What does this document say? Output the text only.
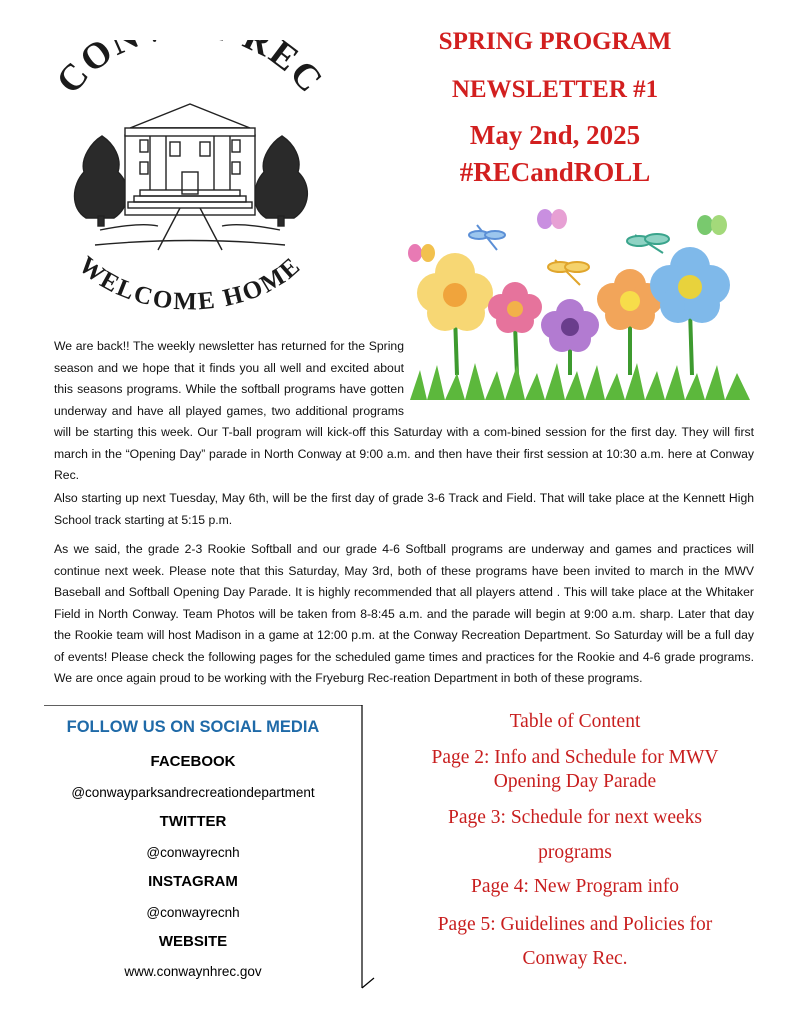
CO REC
WELCOME HOME
SPRING PROGRAM
NEWSLETTER #1
May 2nd, 2025
#RECandROLL

We are back!! The weekly newsletter has returned for the Spring season and we hope that it finds you all well and excited about this seasons programs. While the softball programs have gotten underway and have all played games, two additional programs will be starting this week. Our T-ball program will kick-off this Saturday with a com-bined session for the first day. They will first march in the “Opening Day” parade in North Conway at 9:00 a.m. and then have their first session at 10:30 a.m. here at Conway Rec.

Also starting up next Tuesday, May 6th, will be the first day of grade 3-6 Track and Field. That will take place at the Kennett High School track starting at 5:15 p.m.

As we said, the grade 2-3 Rookie Softball and our grade 4-6 Softball programs are underway and games and practices will continue next week. Please note that this Saturday, May 3rd, both of these programs have been invited to march in the MWV Baseball and Softball Opening Day Parade. It is highly recommended that all players attend . This will take place at the Whitaker Field in North Conway. Team Photos will be taken from 8-8:45 a.m. and the parade will begin at 9:00 a.m. sharp. Later that day the Rookie team will host Madison in a game at 12:00 p.m. at the Conway Recreation Department. So Saturday will be a full day of events! Please check the following pages for the scheduled game times and practices for the Rookie and 4-6 grade programs. We are once again proud to be working with the Fryeburg Rec-reation Department in both of these programs.

FOLLOW US ON SOCIAL MEDIA
FACEBOOK
@conwayparksandrecreationdepartment
TWITTER
@conwayrecnh
INSTAGRAM
@conwayrecnh
WEBSITE
www.conwaynhrec.gov
Table of Content
Page 2: Info and Schedule for MWV Opening Day Parade
Page 3: Schedule for next weeks
programs
Page 4: New Program info
Page 5: Guidelines and Policies for Conway Rec.
